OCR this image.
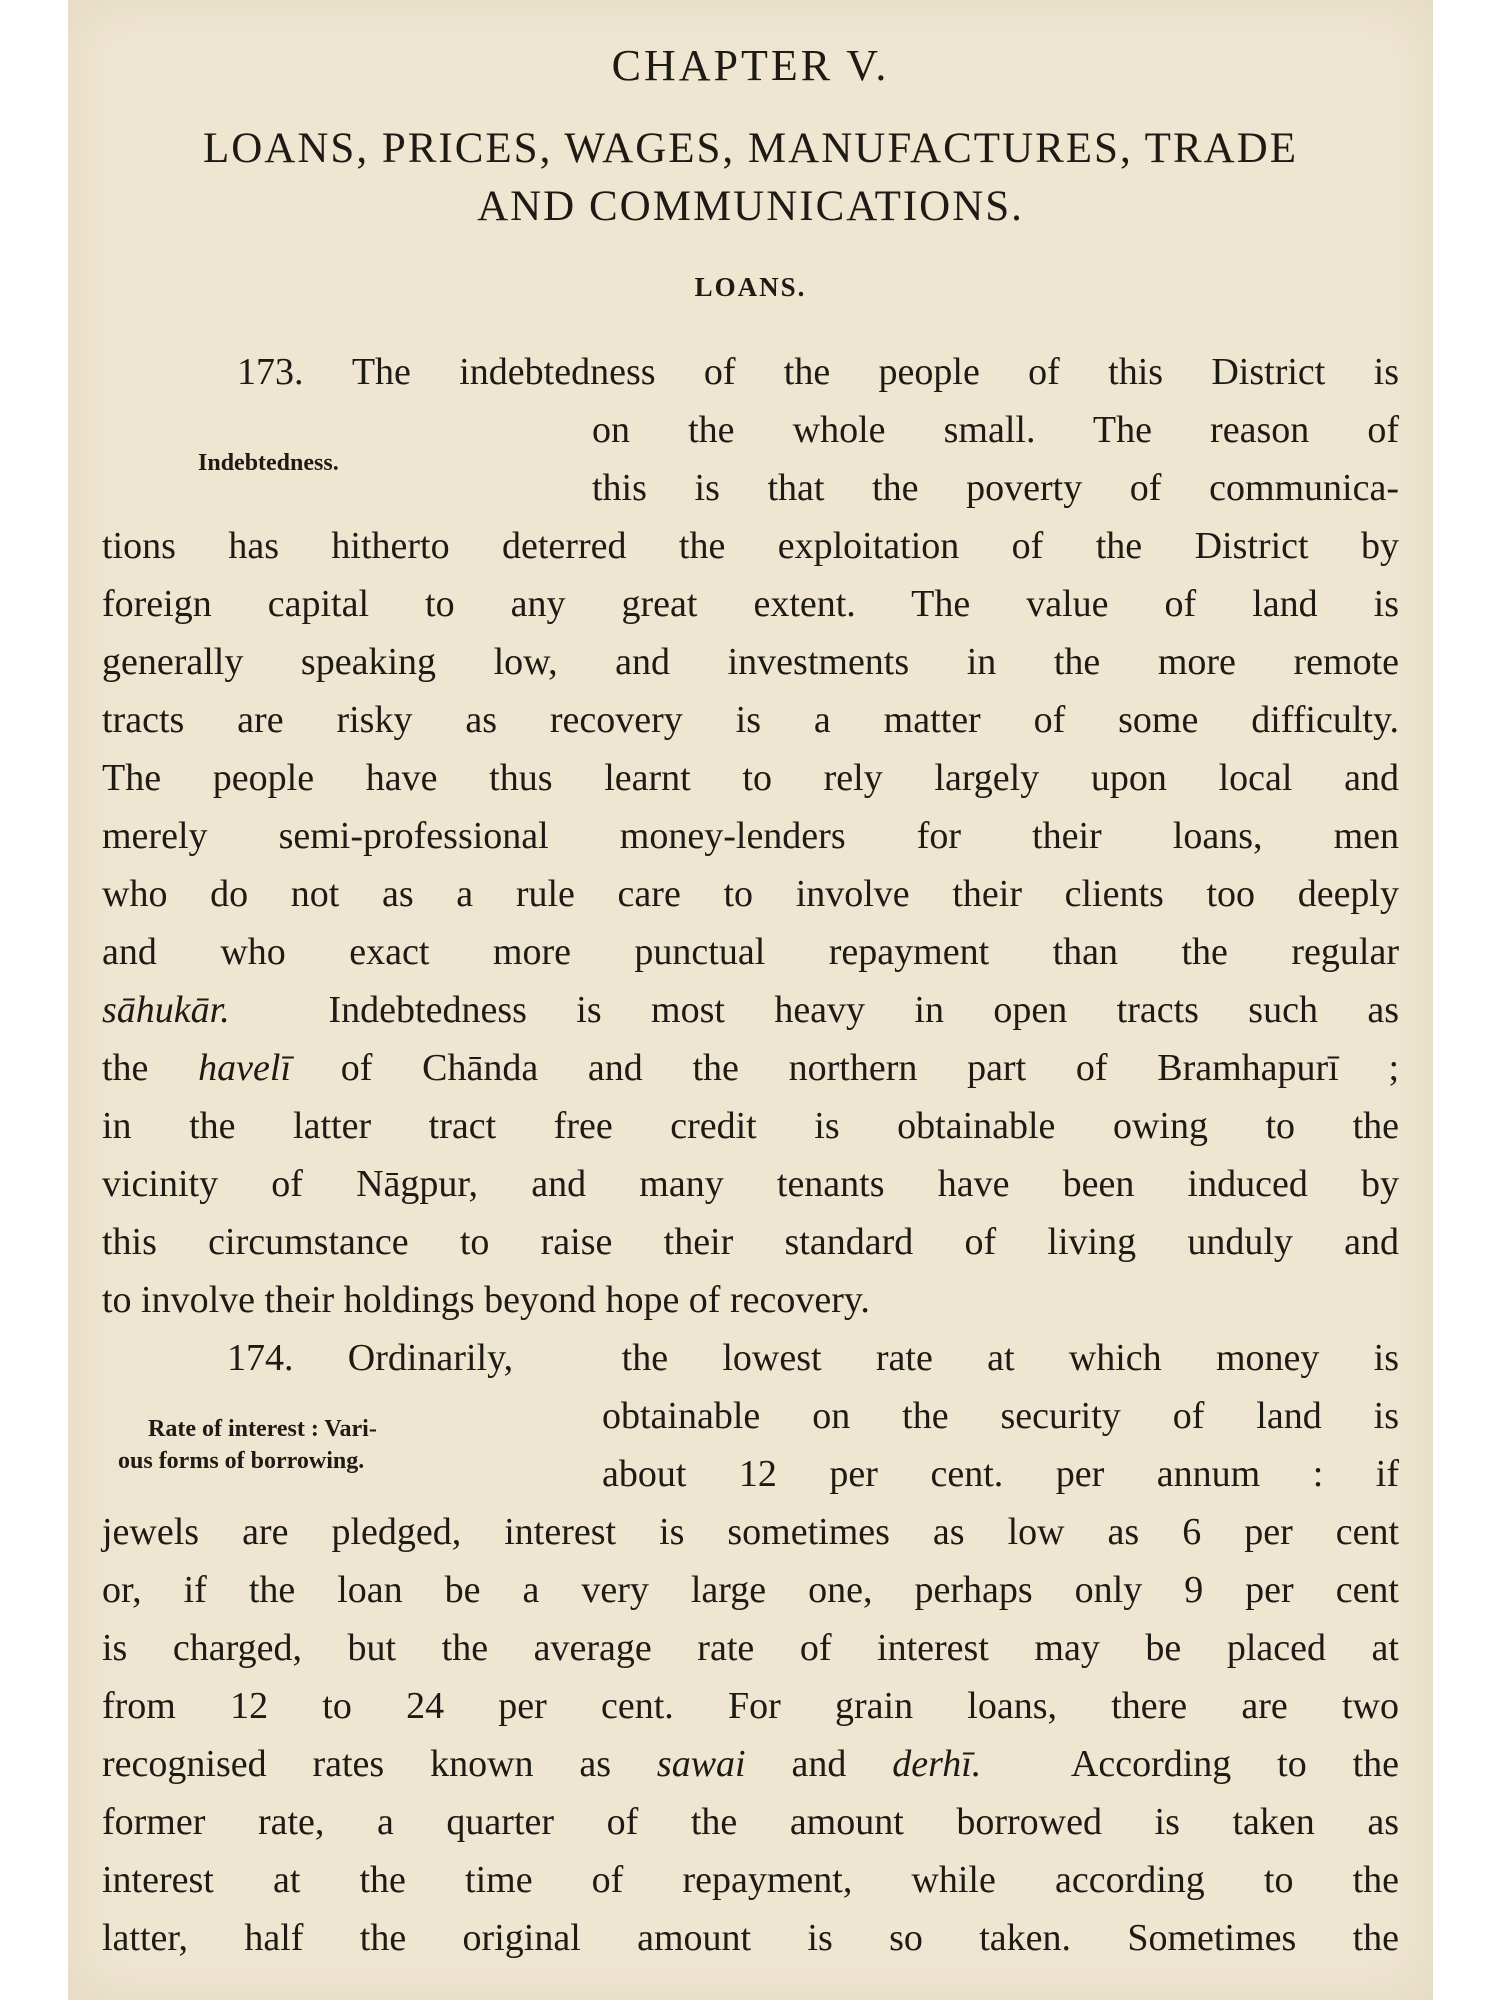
CHAPTER V.
LOANS, PRICES, WAGES, MANUFACTURES, TRADE
AND COMMUNICATIONS.
LOANS.
Indebtedness.
Rate of interest : Vari-
ous forms of borrowing.

173. The indebtedness of the people of this District is

on the whole small. The reason of

this is that the poverty of communica-

tions has hitherto deterred the exploitation of the District by

foreign capital to any great extent. The value of land is

generally speaking low, and investments in the more remote

tracts are risky as recovery is a matter of some difficulty.

The people have thus learnt to rely largely upon local and

merely semi-professional money-lenders for their loans, men

who do not as a rule care to involve their clients too deeply

and who exact more punctual repayment than the regular

sāhukār.	Indebtedness is most heavy in open tracts such as

the havelī of Chānda and the northern part of Bramhapurī ;

in the latter tract free credit is obtainable owing to the

vicinity of Nāgpur, and many tenants have been induced by

this circumstance to raise their standard of living unduly and

to involve their holdings beyond hope of recovery.

174. Ordinarily,	the lowest rate at which money is

obtainable on the security of land is

about 12 per cent. per annum : if

jewels are pledged, interest is sometimes as low as 6 per cent

or, if the loan be a very large one, perhaps only 9 per cent

is charged, but the average rate of interest may be placed at

from 12 to 24 per cent. For grain loans, there are two

recognised rates known as sawai and derhī. According to the

former rate, a quarter of the amount borrowed is taken as

interest at the time of repayment, while according to the

latter, half the original amount is so taken. Sometimes the
